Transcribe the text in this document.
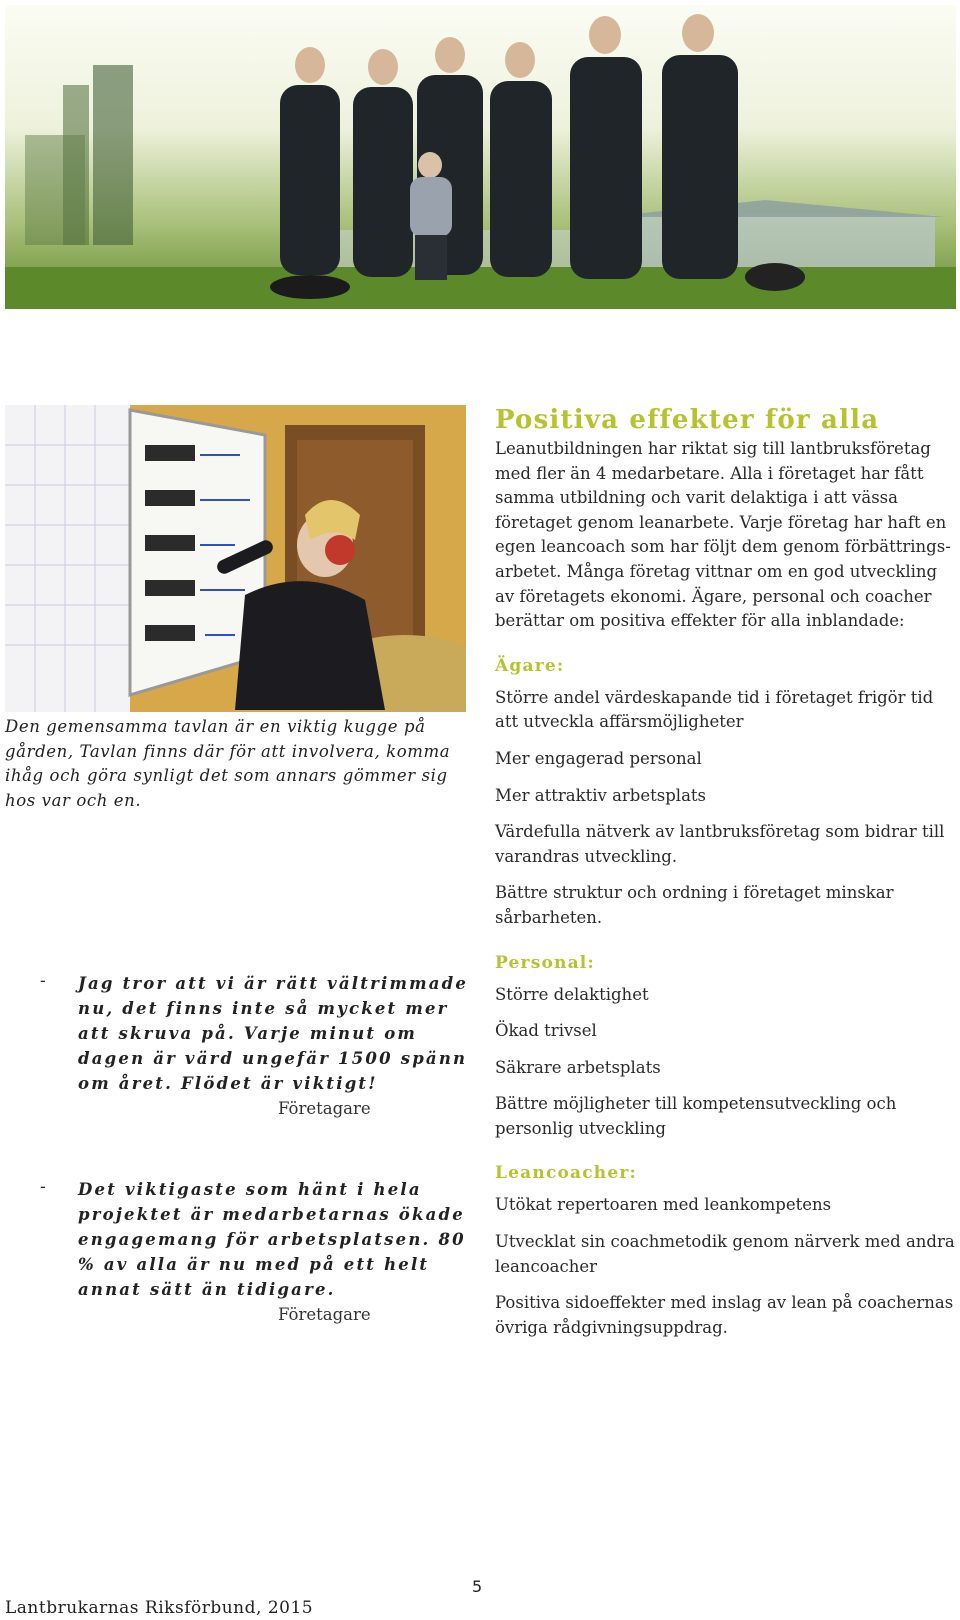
Den gemensamma tavlan är en viktig kugge på gården, Tavlan finns där för att involvera, komma ihåg och göra synligt det som annars gömmer sig hos var och en.
- Jag tror att vi är rätt vältrimmade nu, det finns inte så mycket mer att skruva på. Varje minut om dagen är värd ungefär 1500 spänn om året. Flödet är viktigt!
Företagare
- Det viktigaste som hänt i hela projektet är medarbetarnas ökade engagemang för arbetsplatsen. 80 % av alla är nu med på ett helt annat sätt än tidigare.
Företagare
Positiva effekter för alla

Leanutbildningen har riktat sig till lantbruksföretag med fler än 4 medarbetare. Alla i företaget har fått samma utbildning och varit delaktiga i att vässa företaget genom leanarbete. Varje företag har haft en egen leancoach som har följt dem genom förbättrings-arbetet. Många företag vittnar om en god utveckling av företagets ekonomi. Ägare, personal och coacher berättar om positiva effekter för alla inblandade:

Ägare:

Större andel värdeskapande tid i företaget frigör tid att utveckla affärsmöjligheter

Mer engagerad personal

Mer attraktiv arbetsplats

Värdefulla nätverk av lantbruksföretag som bidrar till varandras utveckling.

Bättre struktur och ordning i företaget minskar sårbarheten.

Personal:

Större delaktighet

Ökad trivsel

Säkrare arbetsplats

Bättre möjligheter till kompetensutveckling och personlig utveckling

Leancoacher:

Utökat repertoaren med leankompetens

Utvecklat sin coachmetodik genom närverk med andra leancoacher

Positiva sidoeffekter med inslag av lean på coachernas övriga rådgivningsuppdrag.

5
Lantbrukarnas Riksförbund, 2015
